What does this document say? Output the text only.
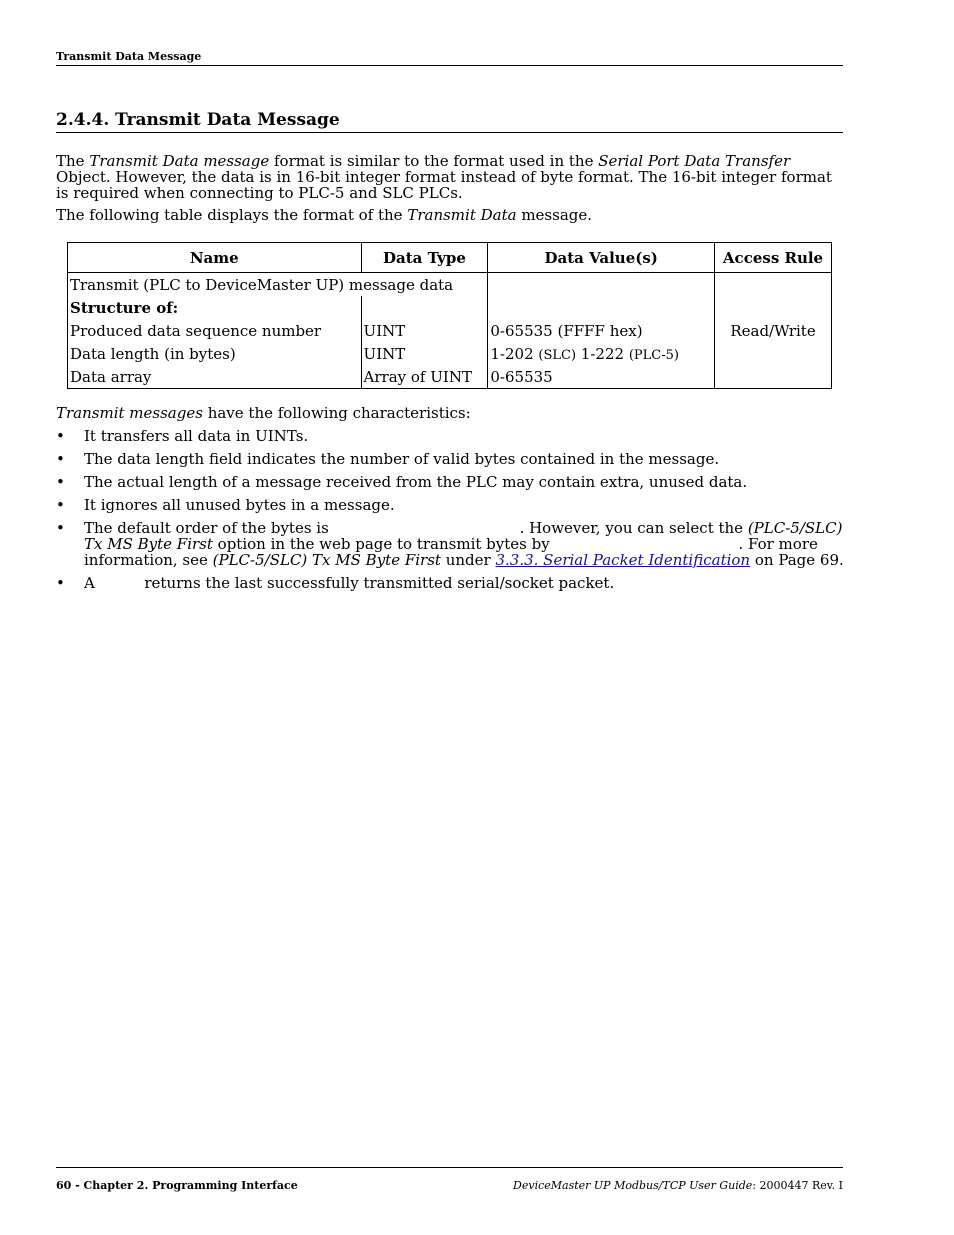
Transmit Data Message
2.4.4. Transmit Data Message

The Transmit Data message format is similar to the format used in the Serial Port Data Transfer Object. However, the data is in 16-bit integer format instead of byte format. The 16-bit integer format is required when connecting to PLC-5 and SLC PLCs.

The following table displays the format of the Transmit Data message.

Name	Data Type	Data Value(s)	Access Rule
Transmit (PLC to DeviceMaster UP) message data			Read/Write
Structure of:			
Produced data sequence number	UINT	0-65535 (FFFF hex)	
Data length (in bytes)	UINT	1-202 (SLC) 1-222 (PLC-5)	
Data array	Array of UINT	0-65535	

Transmit messages have the following characteristics:

• It transfers all data in UINTs.
• The data length field indicates the number of valid bytes contained in the message.
• The actual length of a message received from the PLC may contain extra, unused data.
• It ignores all unused bytes in a message.
• The default order of the bytes is	. However, you can select the (PLC-5/SLC) Tx MS Byte First option in the web page to transmit bytes by	. For more information, see (PLC-5/SLC) Tx MS Byte First under 3.3.3. Serial Packet Identification on Page 69.
• A	returns the last successfully transmitted serial/socket packet.
60 - Chapter 2. Programming Interface	DeviceMaster UP Modbus/TCP User Guide: 2000447 Rev. I
